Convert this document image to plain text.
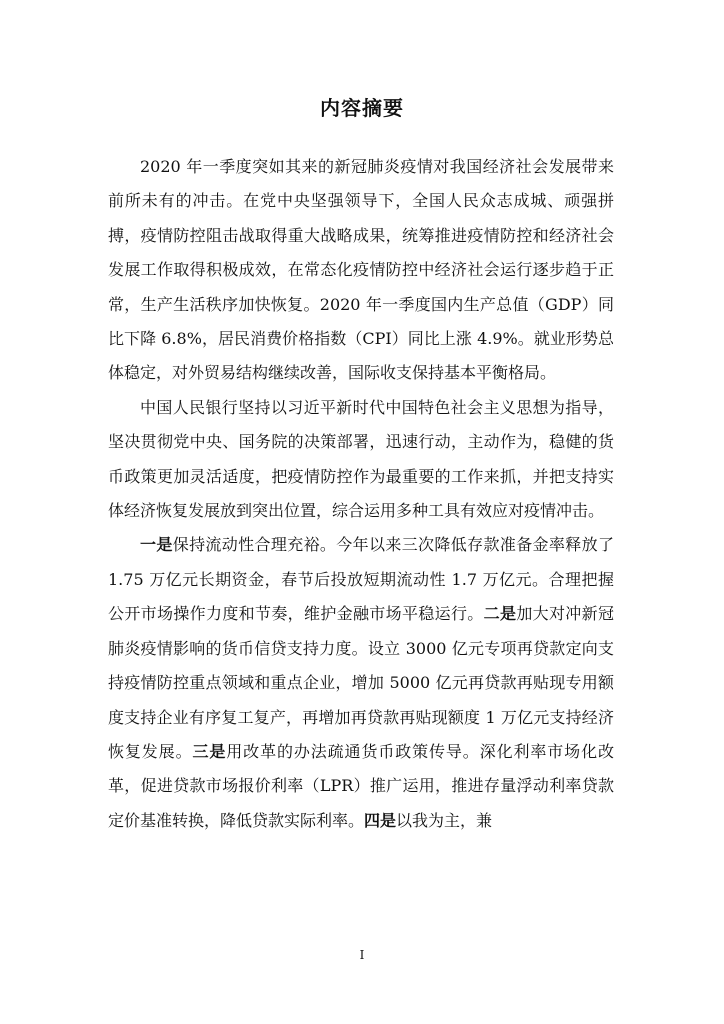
内容摘要

2020 年一季度突如其来的新冠肺炎疫情对我国经济社会发展带来前所未有的冲击。在党中央坚强领导下，全国人民众志成城、顽强拼搏，疫情防控阻击战取得重大战略成果，统筹推进疫情防控和经济社会发展工作取得积极成效，在常态化疫情防控中经济社会运行逐步趋于正常，生产生活秩序加快恢复。2020 年一季度国内生产总值（GDP）同比下降 6.8%，居民消费价格指数（CPI）同比上涨 4.9%。就业形势总体稳定，对外贸易结构继续改善，国际收支保持基本平衡格局。

中国人民银行坚持以习近平新时代中国特色社会主义思想为指导，坚决贯彻党中央、国务院的决策部署，迅速行动，主动作为，稳健的货币政策更加灵活适度，把疫情防控作为最重要的工作来抓，并把支持实体经济恢复发展放到突出位置，综合运用多种工具有效应对疫情冲击。

一是保持流动性合理充裕。今年以来三次降低存款准备金率释放了 1.75 万亿元长期资金，春节后投放短期流动性 1.7 万亿元。合理把握公开市场操作力度和节奏，维护金融市场平稳运行。二是加大对冲新冠肺炎疫情影响的货币信贷支持力度。设立 3000 亿元专项再贷款定向支持疫情防控重点领域和重点企业，增加 5000 亿元再贷款再贴现专用额度支持企业有序复工复产，再增加再贷款再贴现额度 1 万亿元支持经济恢复发展。三是用改革的办法疏通货币政策传导。深化利率市场化改革，促进贷款市场报价利率（LPR）推广运用，推进存量浮动利率贷款定价基准转换，降低贷款实际利率。四是以我为主，兼

I
